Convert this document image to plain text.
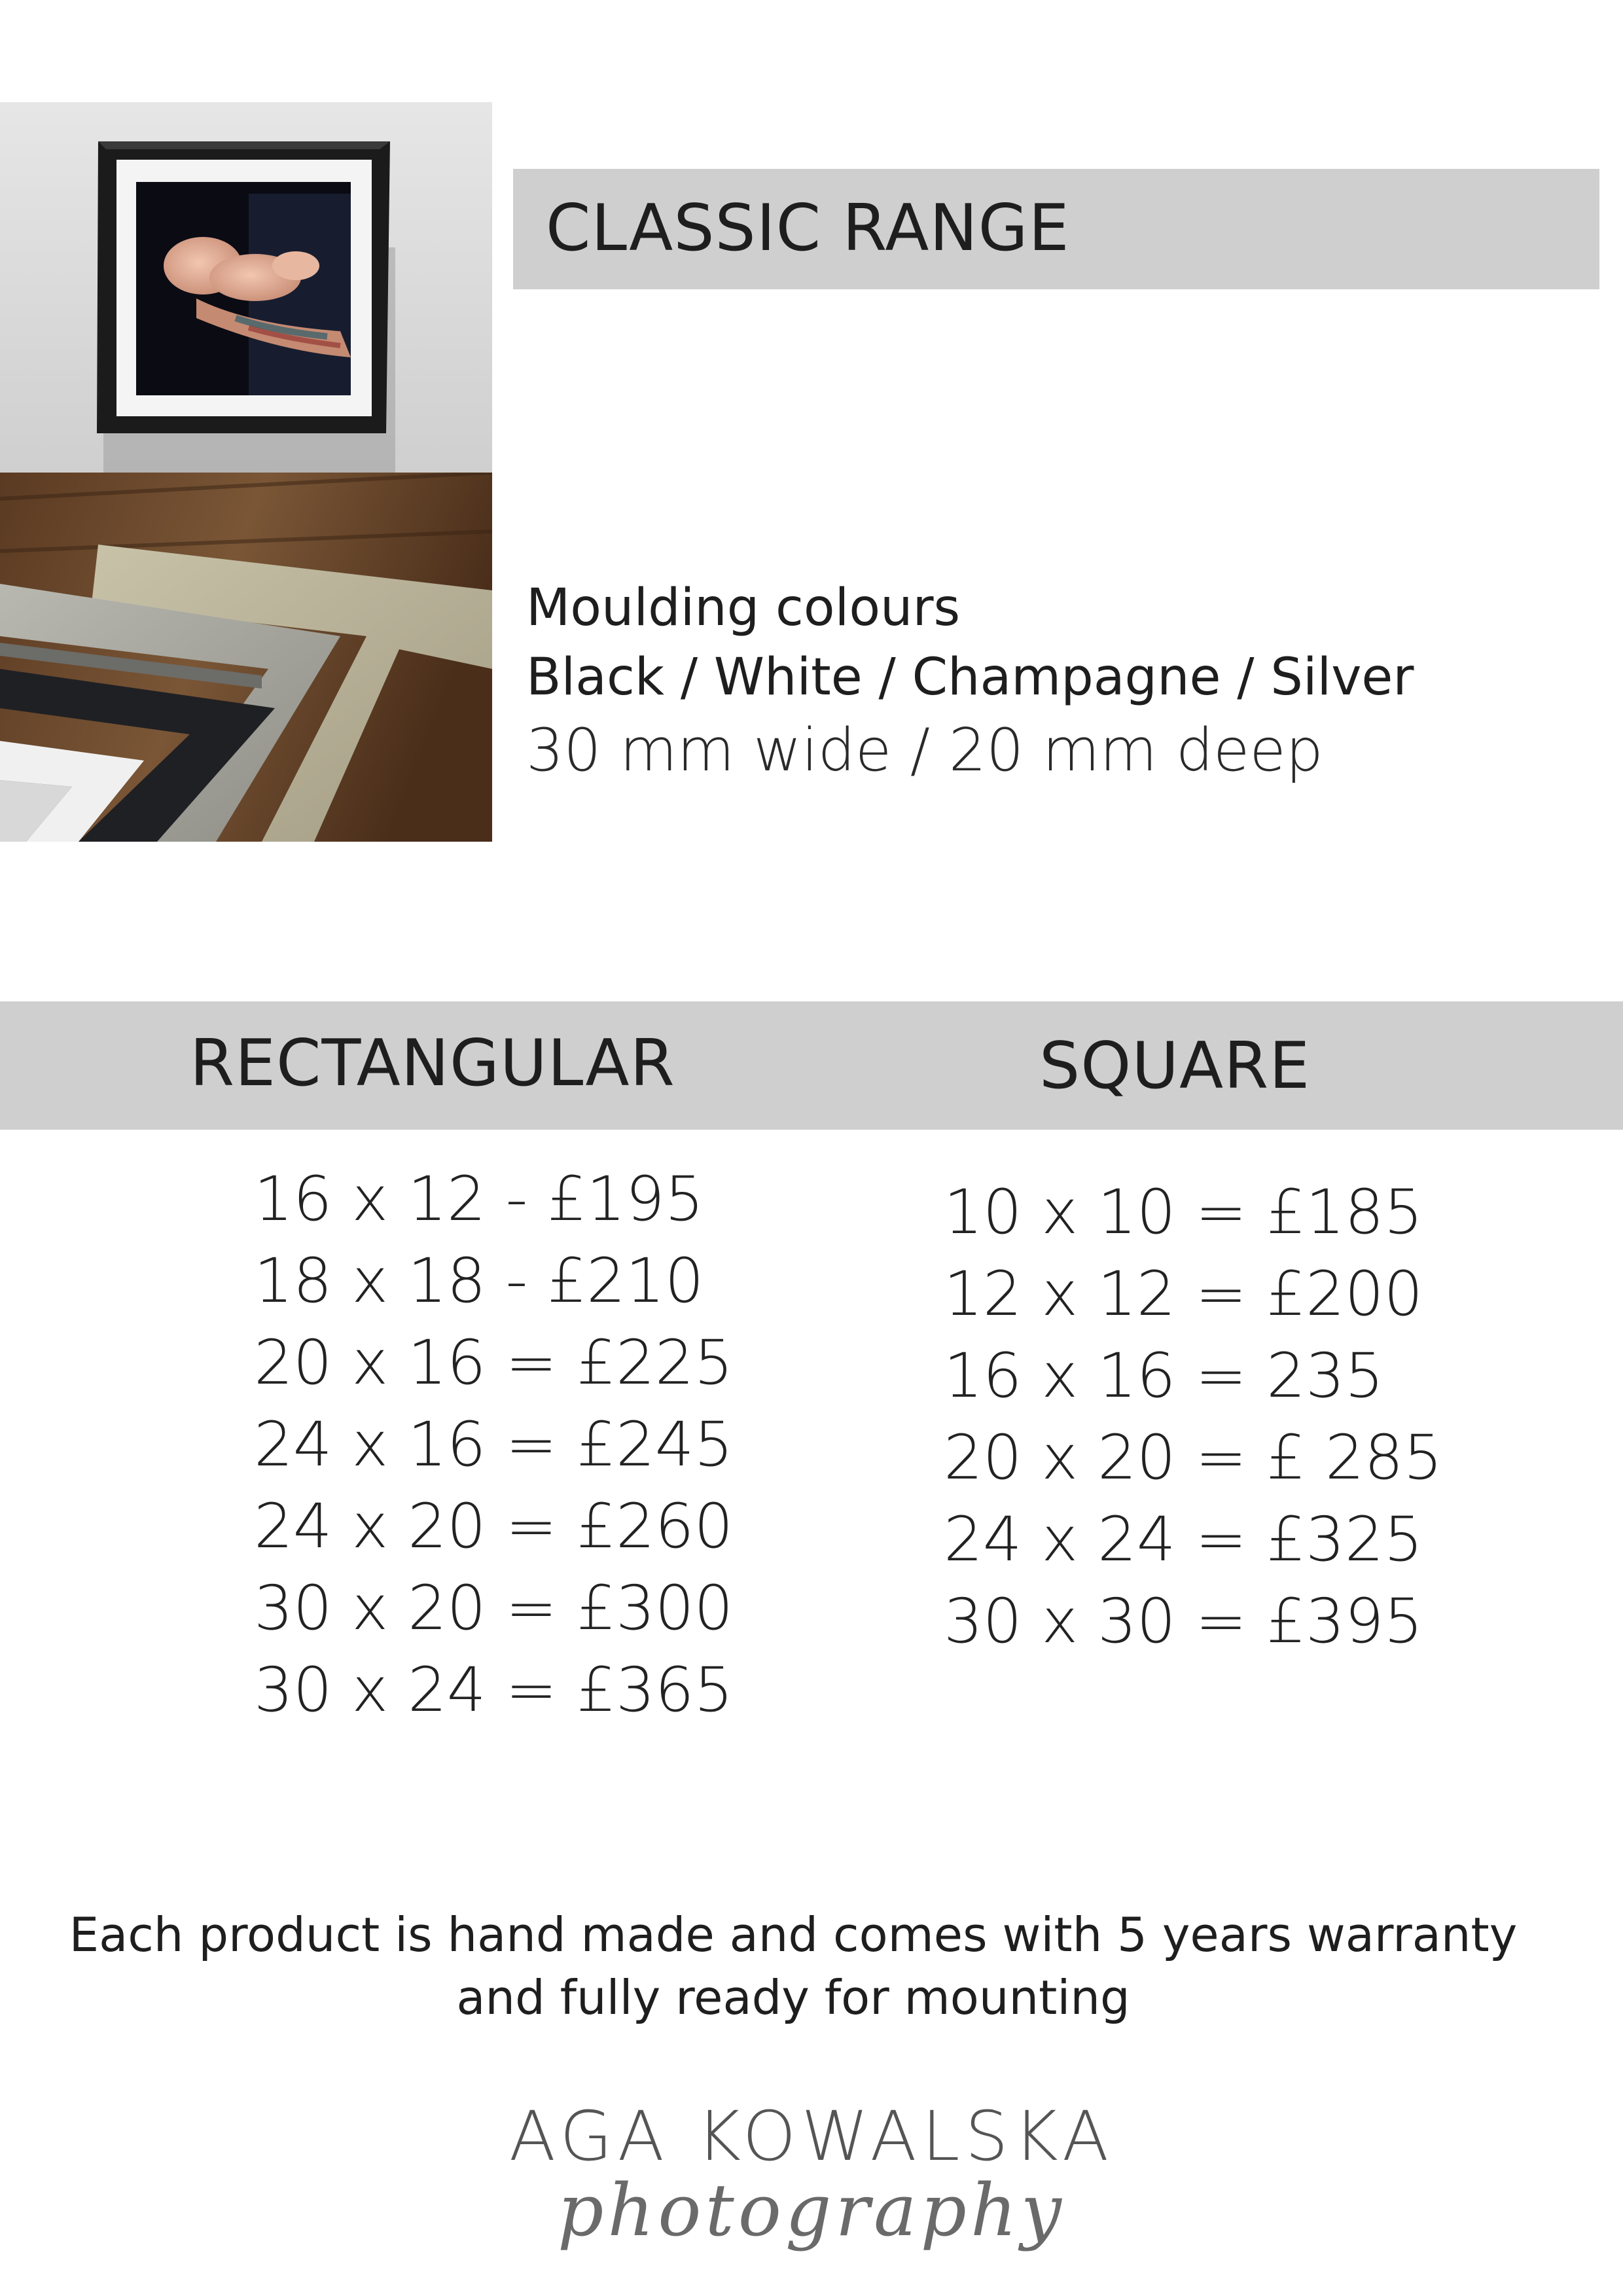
CLASSIC RANGE
Moulding colours
Black / White / Champagne / Silver
30 mm wide / 20 mm deep
RECTANGULAR	SQUARE
16 x 12 - £195
18 x 18 - £210
20 x 16 = £225
24 x 16 = £245
24 x 20 = £260
30 x 20 = £300
30 x 24 = £365
10 x 10 = £185
12 x 12 = £200
16 x 16 = 235
20 x 20 = £ 285
24 x 24 = £325
30 x 30 = £395
Each product is hand made and comes with 5 years warranty
and fully ready for mounting
AGA KOWALSKA
photography
